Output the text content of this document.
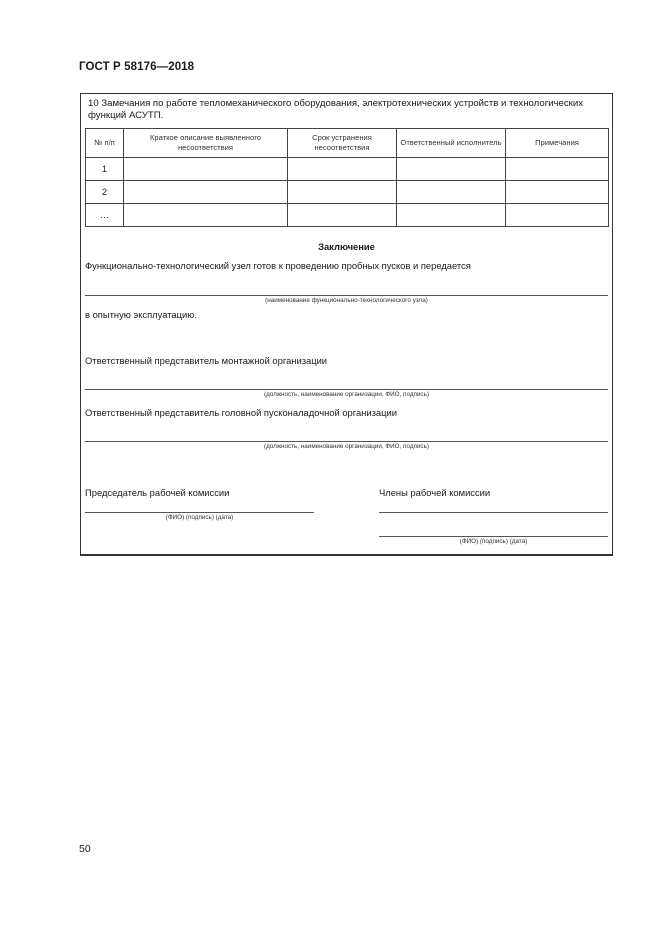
ГОСТ Р 58176—2018
10 Замечания по работе тепломеханического оборудования, электротехнических устройств и технологических функций АСУТП.
№ п/п	Краткое описание выявленного несоответствия	Срок устранения несоответствия	Ответственный исполнитель	Примечания
1				
2				
…				
Заключение
Функционально-технологический узел готов к проведению пробных пусков и передается
(наименование функционально-технологического узла)
в опытную эксплуатацию.
Ответственный представитель монтажной организации
(должность, наименование организации, ФИО, подпись)
Ответственный представитель головной пусконаладочной организации
(должность, наименование организации, ФИО, подпись)
Председатель рабочей комиссии
(ФИО) (подпись) (дата)
Члены рабочей комиссии
(ФИО) (подпись) (дата)
50
